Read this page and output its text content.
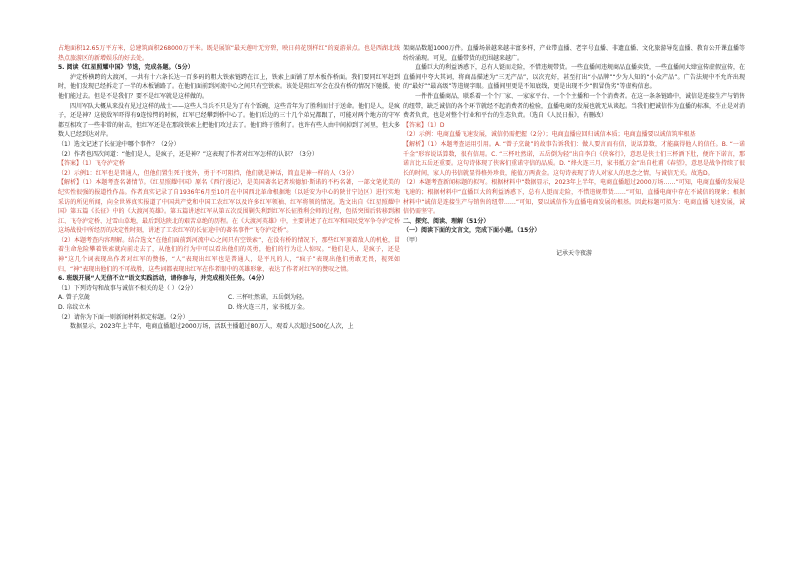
占地面积12.65万平方米，总建筑面积268000万平米。既是展馆“最天莲叶无穷碧，映日荷花别样红”的夏游景点。也是西湖北线热点旅游区的新增娱乐的好去处。

5. 阅读《红星照耀中国》节选，完成各题。（5分）

泸定桥横跨的大渡河，一共有十六条长达一百多码的粗大铁索链跨在江上，铁索上面铺了厚木板作桥面。我们要同红军赶到时，他们发现已经拆走了一半的木板铺路了。在他们面前到河流中心之间只有空铁索。该处是阻红军会在没有桥的情况下驰援，使他们能过去。但是不是我们？要不是红军就是这样做的。

四川军队大概从来没有见过这样的战士——这些人当兵不只是为了有个饭碗，这些青年为了胜利而甘于送命。他们是人，是疯子，还是神？这使敌军吓得有9连惊愕的时候，红军已经攀到桥中心了。他们后边的三十几个弟兄都跟了，可能对两个地方的守军都互相攻了一些非常的射击，但红军还是在那段铁索上把他们攻过去了。他们终于胜利了。也许有些人由中间掉到了河里，但大多数人已经到达对岸。

（1）选文记述了长征途中哪个事件？（2分）

（2）作者也四次问道：“他们是人，是疯子，还是神？”这表现了作者对红军怎样的认识？（3分）

【答案】（1）飞夺泸定桥

（2）示例1：红军也是普通人，但他们置生死于度外，勇于不可阻挡，他们就是神话，简直是神一样的人（3分）

【解析】（1）本题考查名著情节。《红星照耀中国》原名《西行漫记》，是美国著名记者埃德加·斯诺的不朽名著，一部文笔优美的纪实性很强的报道性作品。作者真实记录了自1936年6月至10月在中国西北革命根据地（以延安为中心的陕甘宁边区）进行实地采访的所见所闻，向全世界真实报道了中国共产党和中国工农红军以及许多红军领袖、红军将领的情况。选文出自《红星照耀中国》第五篇《长征》中的《大渡河英雄》。第五篇讲述红军从第五次反围剿失利到红军长征胜利会师的过程，包括突围后转移到湘江、飞夺泸定桥、过雪山草地，最后到达陕北的艰苦卓绝的历程。在《大渡河英雄》中，主要讲述了在红军和国民党军争夺泸定桥这场战役中所经历的决定性时刻，讲述了工农红军的长征途中的著名事件“飞夺泸定桥”。

（2）本题考查内容理解。结合选文“在他们面前到河流中心之间只有空铁索”，在没有桥的情况下，那些红军顶着敌人的机枪，冒着生命危险攀着铁索就向前走去了，从他们的行为中可以看出他们的英勇，他们的行为让人惊叹。“他们是人，是疯子，还是神”这几个词表现出作者对红军的赞扬，“人”表现出红军也是普通人，是平凡的人，“疯子”表现出他们勇敢无畏，视死如归，“神”表现出他们的不可战胜，这些词都表现出红军在作者眼中的英雄形象，表达了作者对红军的赞叹之情。

6. 班级开展“人无信不立”语文实践活动，请你参与，并完成相关任务。（4分）

（1）下列诗句和故事与诚信不相关的是（ ）（2分）

A. 曾子烹彘	C. 三杯吐然诺，五岳倒为轻。
D. 帛纹立木	D. 烽火连三月，家书抵万金。

（2）请你为下面一则新闻材料拟定标题。（2分）__________________________

数据显示，2023年上半年，电商直播超过2000万场，活跃主播超过80万人，观看人次超过500亿人次，上

架商品数超1000万件。直播场景越来越丰富多样，产业带直播、老字号直播、非遗直播、文化旅游导览直播、教育公开课直播等纷纷涌现。可见，直播带货的范围越来越广。

直播巨大的利益诱惑下，总有人铤而走险，不惜违规带货。一些直播间违规商品直播卖货，一些直播间大肆宣传虚假宣传，在直播间中夸大其词，将商品描述为“三无产品”，以次充好，甚至打出“小品牌”“少为人知的“小众产品”。广告法规中不允许出现的“最好”“最高级”等违规字眼。直播间里更是不知底线，更是出现不少“假冒伪劣”等虚构信息。

一件件直播商品，联系着一个个厂家、一家家平台、一个个主播和一个个消费者。在这一条条链路中，诚信是连接生产与销售的纽带，缺乏诚信的各个环节就经不起消费者的检验，直播电商的发展也就无从谈起。当我们把诚信作为直播的标准，不止是对消费者负责，也是对整个行业和平台的生态负责。（选自《人民日报》，有删改）

【答案】（1）D

（2）示例：电商直播飞速发展，诚信仍需把握（2分）；电商直播应回归诚信本质；电商直播要以诚信筑牢根基

【解析】（1）本题考查运用引用。A. “曾子烹彘”的故事告诉我们：做人要言而有信，说话算数，才能赢得他人的信任。B. “一诺千金”形容说话算数，很有信用。C. “三杯吐然诺，五岳倒为轻”出自李白《侠客行》，意思是侠士们三杯酒下肚，便许下诺言，那诺言比五岳还重要。这句诗体现了侠客们重诺守信的品质。D. “烽火连三月，家书抵万金”出自杜甫《春望》，意思是战争持续了很长的时间，家人的书信就显得格外珍贵，能值万两黄金。这句诗表现了诗人对家人的思念之情，与诚信无关。故选D。

（2）本题考查新闻标题的拟写。根据材料中“数据显示，2023年上半年，电商直播超过2000万场……”可知，电商直播的发展是飞速的；根据材料中“直播巨大的利益诱惑下，总有人铤而走险，不惜违规带货……”可知，直播电商中存在不诚信的现象；根据材料中“诚信是连接生产与销售的纽带……”可知，要以诚信作为直播电商发展的根基。因此标题可拟为：电商直播飞速发展，诚信仍需坚守。

二、探究、阅读、理解（51分）

（一）阅读下面的文言文，完成下面小题。（15分）

（甲）

记承天寺夜游
